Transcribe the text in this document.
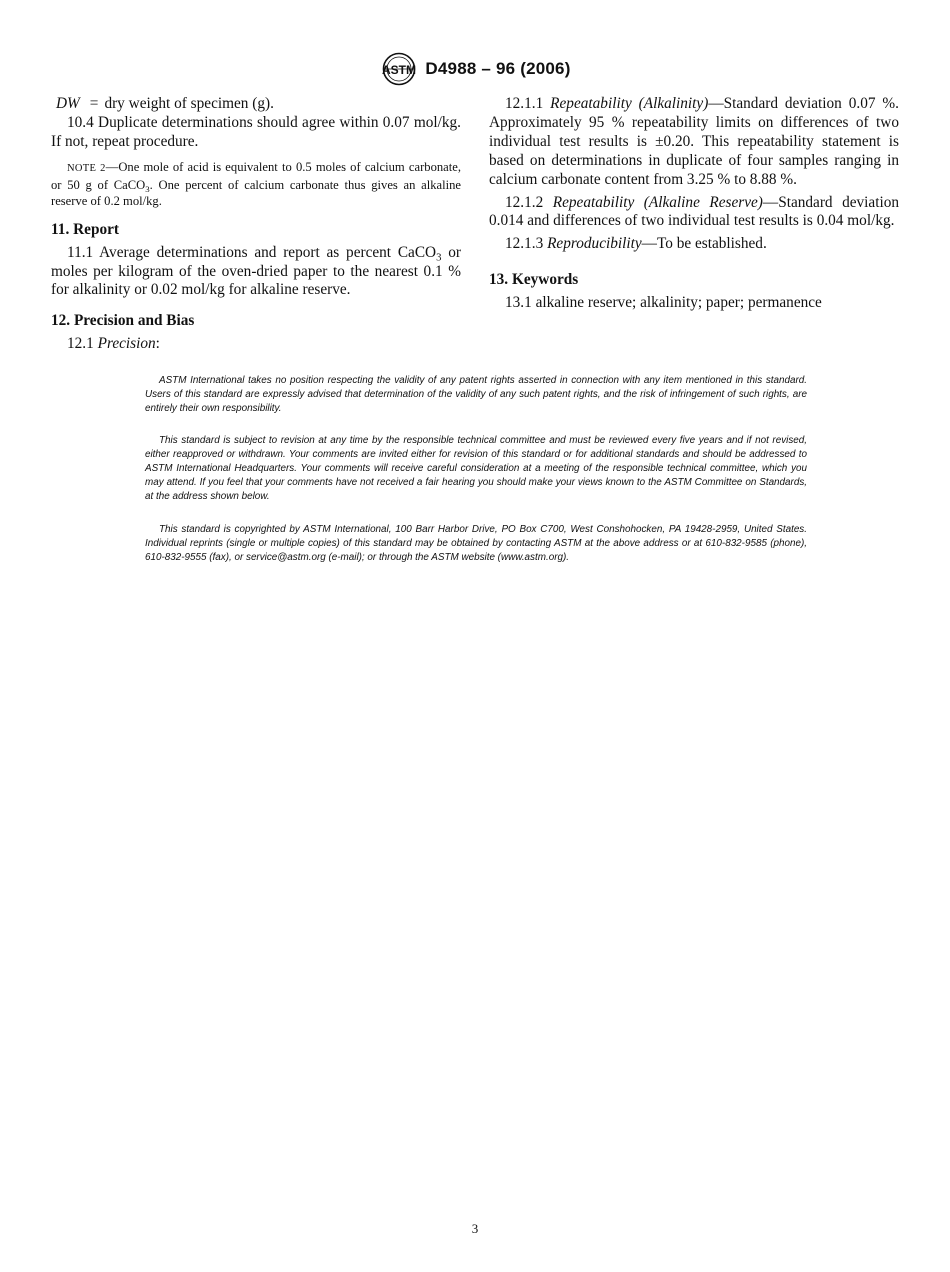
ASTM D4988 – 96 (2006)

DW = dry weight of specimen (g).

10.4 Duplicate determinations should agree within 0.07 mol/kg. If not, repeat procedure.

NOTE 2—One mole of acid is equivalent to 0.5 moles of calcium carbonate, or 50 g of CaCO$_3$. One percent of calcium carbonate thus gives an alkaline reserve of 0.2 mol/kg.

11. Report

11.1 Average determinations and report as percent CaCO$_3$ or moles per kilogram of the oven-dried paper to the nearest 0.1 % for alkalinity or 0.02 mol/kg for alkaline reserve.

12. Precision and Bias

12.1 Precision:

12.1.1 Repeatability (Alkalinity)—Standard deviation 0.07 %. Approximately 95 % repeatability limits on differences of two individual test results is ±0.20. This repeatability statement is based on determinations in duplicate of four samples ranging in calcium carbonate content from 3.25 % to 8.88 %.

12.1.2 Repeatability (Alkaline Reserve)—Standard deviation 0.014 and differences of two individual test results is 0.04 mol/kg.

12.1.3 Reproducibility—To be established.

13. Keywords

13.1 alkaline reserve; alkalinity; paper; permanence

ASTM International takes no position respecting the validity of any patent rights asserted in connection with any item mentioned in this standard. Users of this standard are expressly advised that determination of the validity of any such patent rights, and the risk of infringement of such rights, are entirely their own responsibility.

This standard is subject to revision at any time by the responsible technical committee and must be reviewed every five years and if not revised, either reapproved or withdrawn. Your comments are invited either for revision of this standard or for additional standards and should be addressed to ASTM International Headquarters. Your comments will receive careful consideration at a meeting of the responsible technical committee, which you may attend. If you feel that your comments have not received a fair hearing you should make your views known to the ASTM Committee on Standards, at the address shown below.

This standard is copyrighted by ASTM International, 100 Barr Harbor Drive, PO Box C700, West Conshohocken, PA 19428-2959, United States. Individual reprints (single or multiple copies) of this standard may be obtained by contacting ASTM at the above address or at 610-832-9585 (phone), 610-832-9555 (fax), or service@astm.org (e-mail); or through the ASTM website (www.astm.org).

3
